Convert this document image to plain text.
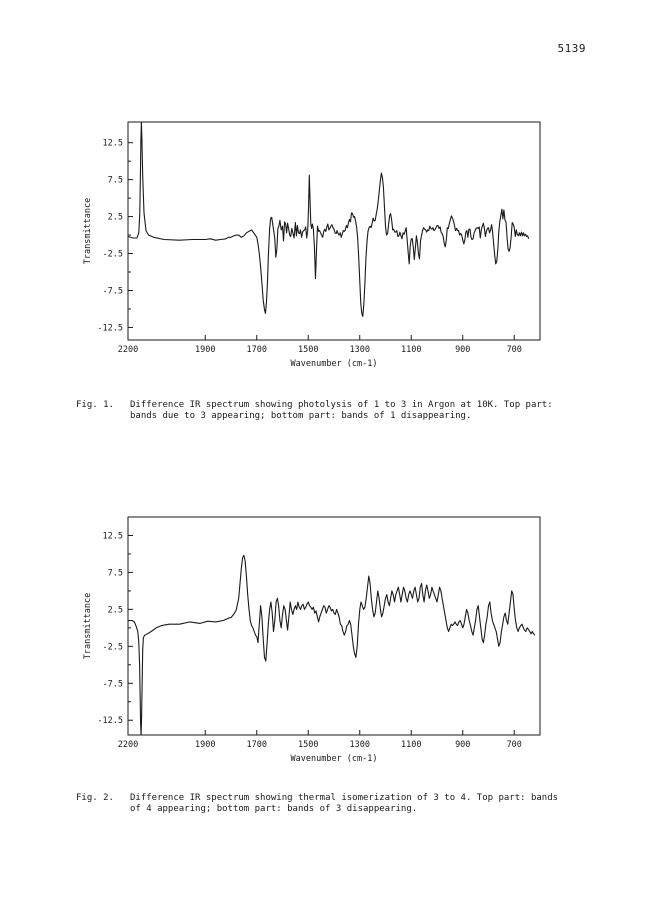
5139
2200	1900	1700	1500	1300	1100	900	700
12.5
7.5
2.5
-2.5
-7.5
-12.5
Wavenumber (cm-1)
Transmittance
Fig. 1. Difference IR spectrum showing photolysis of 1 to 3 in Argon at 10K. Top part: bands due to 3 appearing; bottom part: bands of 1 disappearing.
2200	1900	1700	1500	1300	1100	900	700
12.5
7.5
2.5
-2.5
-7.5
-12.5
Wavenumber (cm-1)
Transmittance
Fig. 2. Difference IR spectrum showing thermal isomerization of 3 to 4. Top part: bands of 4 appearing; bottom part: bands of 3 disappearing.
